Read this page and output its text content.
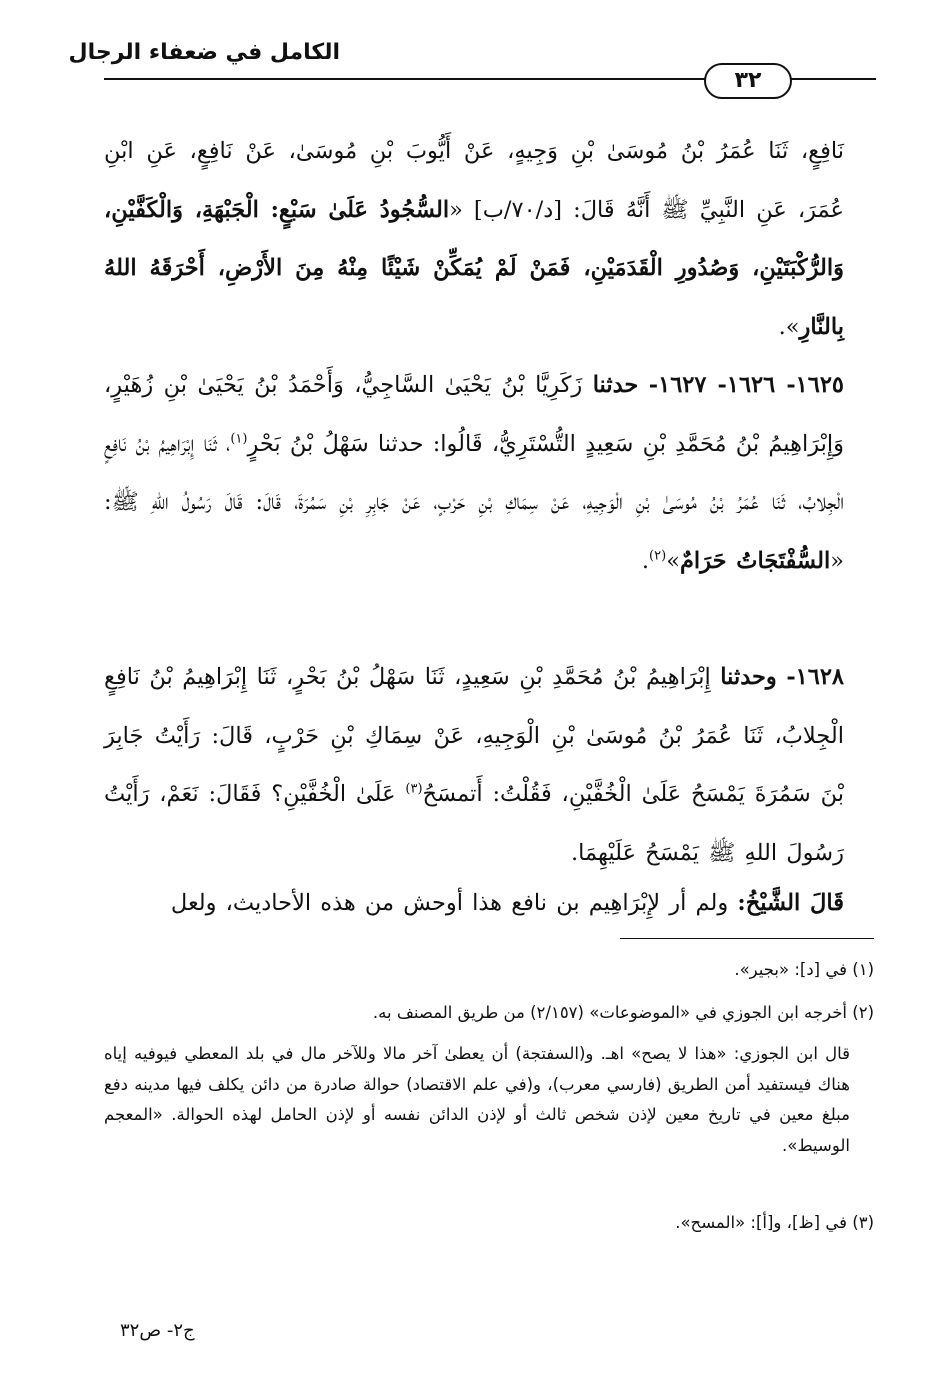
الكامل في ضعفاء الرجال
٣٢
نَافِعٍ، ثَنَا عُمَرُ بْنُ مُوسَىٰ بْنِ وَجِيهٍ، عَنْ أَيُّوبَ بْنِ مُوسَىٰ، عَنْ نَافِعٍ، عَنِ ابْنِ عُمَرَ، عَنِ النَّبِيِّ ﷺ أَنَّهُ قَالَ: [د/٧٠/ب] «السُّجُودُ عَلَىٰ سَبْعٍ: الْجَبْهَةِ، وَالْكَفَّيْنِ، وَالرُّكْبَتَيْنِ، وَصُدُورِ الْقَدَمَيْنِ، فَمَنْ لَمْ يُمَكِّنْ شَيْئًا مِنْهُ مِنَ الأَرْضِ، أَحْرَقَهُ اللهُ بِالنَّارِ».
١٦٢٥- ١٦٢٦- ١٦٢٧- حدثنا زَكَرِيَّا بْنُ يَحْيَىٰ السَّاجِيُّ، وَأَحْمَدُ بْنُ يَحْيَىٰ بْنِ زُهَيْرٍ، وَإِبْرَاهِيمُ بْنُ مُحَمَّدِ بْنِ سَعِيدٍ التُّسْتَرِيُّ، قَالُوا: حدثنا سَهْلُ بْنُ بَحْرٍ$^{(١)}$، ثَنَا إِبْرَاهِيمُ بْنُ نَافِعٍ الْجِلابُ، ثَنَا عُمَرُ بْنُ مُوسَىٰ بْنِ الْوَجِيهِ، عَنْ سِمَاكِ بْنِ حَرْبٍ، عَنْ جَابِرِ بْنِ سَمُرَةَ، قَالَ: قَالَ رَسُولُ اللهِ ﷺ: «السُّفْتَجَاتُ حَرَامٌ»$^{(٢)}$.
١٦٢٨- وحدثنا إِبْرَاهِيمُ بْنُ مُحَمَّدِ بْنِ سَعِيدٍ، ثَنَا سَهْلُ بْنُ بَحْرٍ، ثَنَا إِبْرَاهِيمُ بْنُ نَافِعٍ الْجِلابُ، ثَنَا عُمَرُ بْنُ مُوسَىٰ بْنِ الْوَجِيهِ، عَنْ سِمَاكِ بْنِ حَرْبٍ، قَالَ: رَأَيْتُ جَابِرَ بْنَ سَمُرَةَ يَمْسَحُ عَلَىٰ الْخُفَّيْنِ، فَقُلْتُ: أَتمسَحُ$^{(٣)}$ عَلَىٰ الْخُفَّيْنِ؟ فَقَالَ: نَعَمْ، رَأَيْتُ رَسُولَ اللهِ ﷺ يَمْسَحُ عَلَيْهِمَا.
قَالَ الشَّيْخُ: ولم أر لإِبْرَاهِيم بن نافع هذا أوحش من هذه الأحاديث، ولعل
(١) في [د]: «بجير».
(٢) أخرجه ابن الجوزي في «الموضوعات» (٢/١٥٧) من طريق المصنف به.
قال ابن الجوزي: «هذا لا يصح» اهـ. و(السفتجة) أن يعطىٰ آخر مالا وللآخر مال في بلد المعطي فيوفيه إياه هناك فيستفيد أمن الطريق (فارسي معرب)، و(في علم الاقتصاد) حوالة صادرة من دائن يكلف فيها مدينه دفع مبلغ معين في تاريخ معين لإذن شخص ثالث أو لإذن الدائن نفسه أو لإذن الحامل لهذه الحوالة. «المعجم الوسيط».
(٣) في [ظ]، و[أ]: «المسح».
ج٢- ص٣٢
